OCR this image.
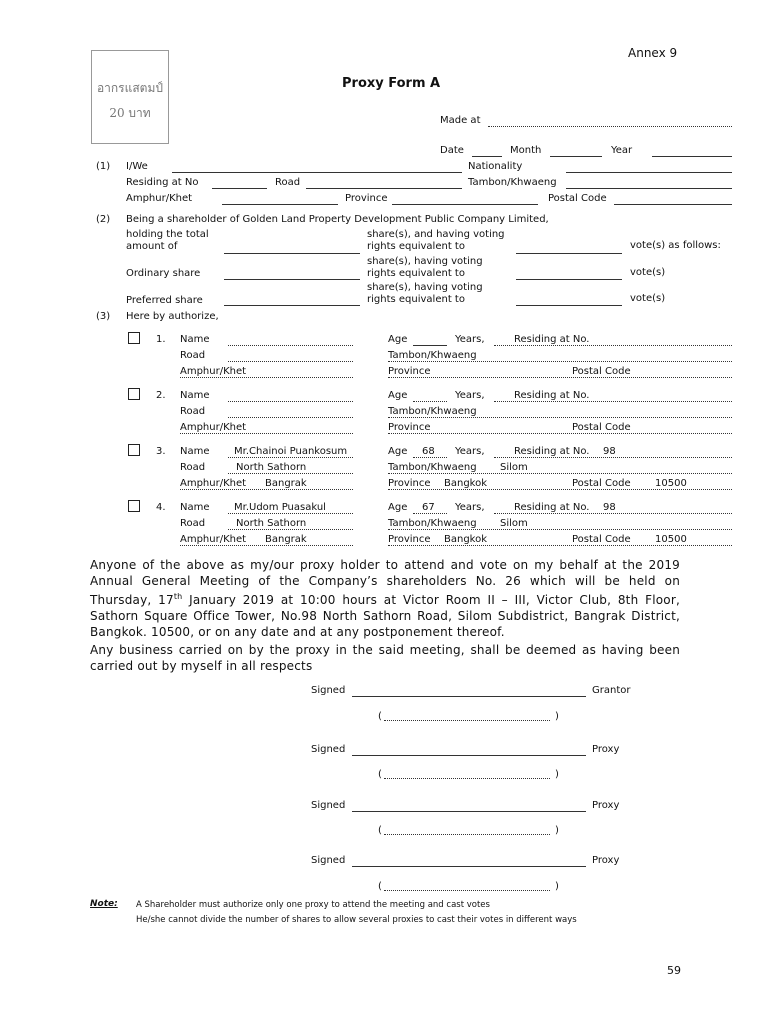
Annex 9
อากรแสตมป์
20 บาท
Proxy Form A
Made at
Date	Month	Year
(1) I/We	Nationality
Residing at No	Road	Tambon/Khwaeng
Amphur/Khet	Province	Postal Code
(2) Being a shareholder of Golden Land Property Development Public Company Limited,
holding the total
amount of
share(s), and having voting
rights equivalent to	vote(s) as follows:
Ordinary share
share(s), having voting
rights equivalent to	vote(s)
Preferred share
share(s), having voting
rights equivalent to	vote(s)
(3) Here by authorize,
1. Name	Age	Years,	Residing at No.
Road	Tambon/Khwaeng
Amphur/Khet	Province	Postal Code
2. Name	Age	Years,	Residing at No.
Road	Tambon/Khwaeng
Amphur/Khet	Province	Postal Code
3. Name Mr.Chainoi Puankosum	Age 68 Years,	Residing at No. 98
Road	North Sathorn	Tambon/Khwaeng Silom
Amphur/Khet Bangrak	Province Bangkok	Postal Code 10500
4. Name Mr.Udom Puasakul	Age 67 Years,	Residing at No. 98
Road	North Sathorn	Tambon/Khwaeng Silom
Amphur/Khet Bangrak	Province Bangkok	Postal Code 10500
Anyone of the above as my/our proxy holder to attend and vote on my behalf at the 2019 Annual General Meeting of the Company’s shareholders No. 26 which will be held on Thursday, 17th January 2019 at 10:00 hours at Victor Room II – III, Victor Club, 8th Floor, Sathorn Square Office Tower, No.98 North Sathorn Road, Silom Subdistrict, Bangrak District, Bangkok. 10500, or on any date and at any postponement thereof.
Any business carried on by the proxy in the said meeting, shall be deemed as having been carried out by myself in all respects
Signed	Grantor
(	)
Signed	Proxy
(	)
Signed	Proxy
(	)
Signed	Proxy
(	)
Note: A Shareholder must authorize only one proxy to attend the meeting and cast votes
He/she cannot divide the number of shares to allow several proxies to cast their votes in different ways
59
